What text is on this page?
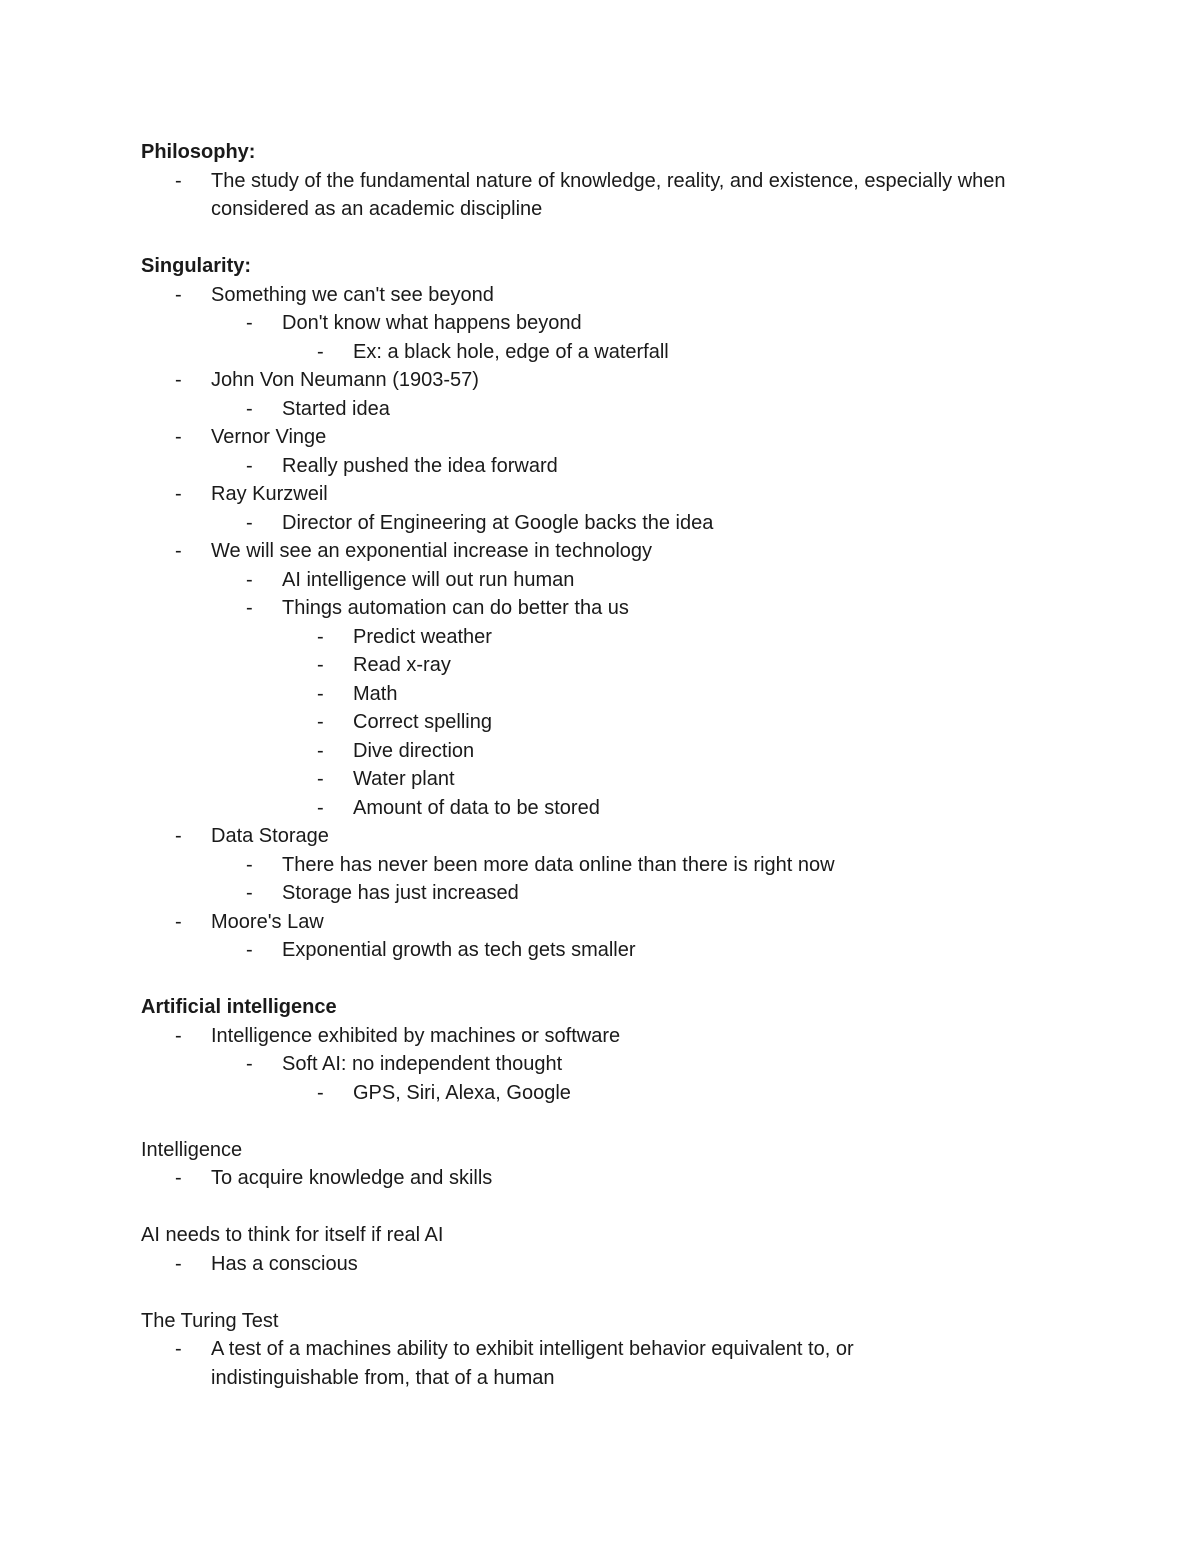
Philosophy:
- The study of the fundamental nature of knowledge, reality, and existence, especially when considered as an academic discipline
Singularity:
- Something we can't see beyond
- Don't know what happens beyond
- Ex: a black hole, edge of a waterfall
- John Von Neumann (1903-57)
- Started idea
- Vernor Vinge
- Really pushed the idea forward
- Ray Kurzweil
- Director of Engineering at Google backs the idea
- We will see an exponential increase in technology
- AI intelligence will out run human
- Things automation can do better tha us
- Predict weather
- Read x-ray
- Math
- Correct spelling
- Dive direction
- Water plant
- Amount of data to be stored
- Data Storage
- There has never been more data online than there is right now
- Storage has just increased
- Moore's Law
- Exponential growth as tech gets smaller
Artificial intelligence
- Intelligence exhibited by machines or software
- Soft AI: no independent thought
- GPS, Siri, Alexa, Google
Intelligence
- To acquire knowledge and skills
AI needs to think for itself if real AI
- Has a conscious
The Turing Test
- A test of a machines ability to exhibit intelligent behavior equivalent to, or indistinguishable from, that of a human
